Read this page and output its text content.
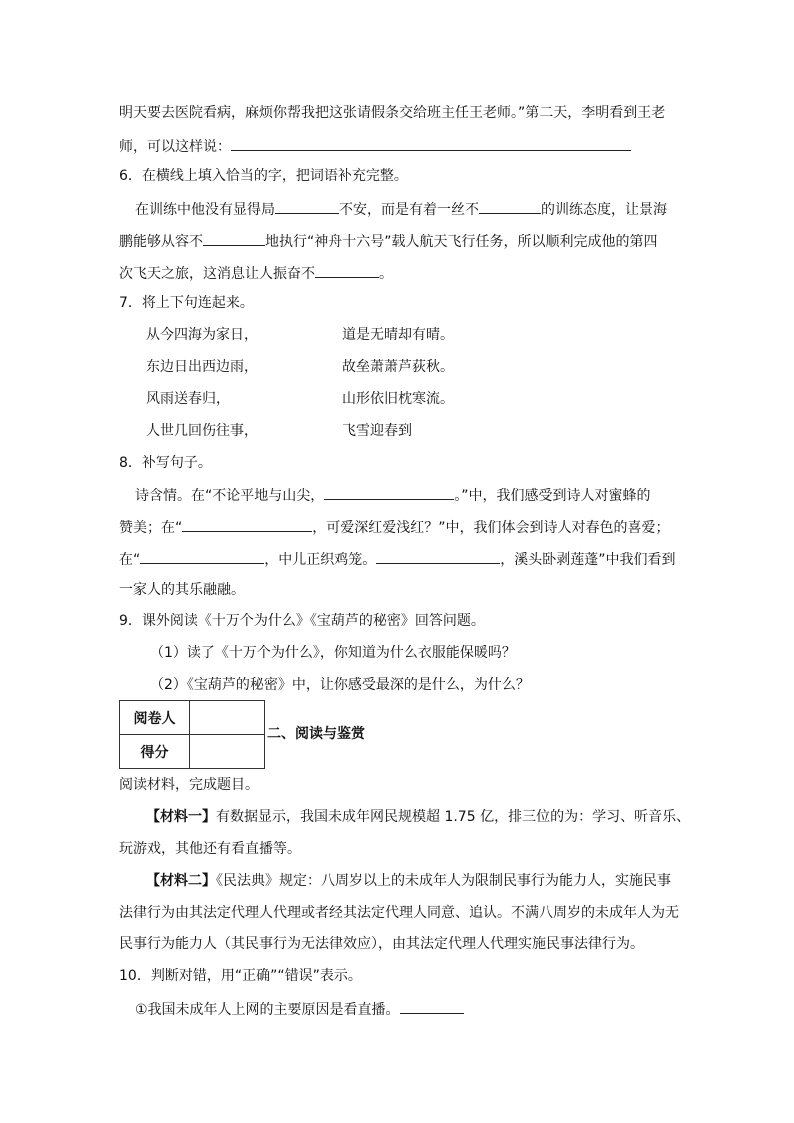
明天要去医院看病，麻烦你帮我把这张请假条交给班主任王老师。”第二天，李明看到王老
师，可以这样说：
6．在横线上填入恰当的字，把词语补充完整。
在训练中他没有显得局	不安，而是有着一丝不	的训练态度，让景海
鹏能够从容不	地执行“神舟十六号”载人航天飞行任务，所以顺利完成他的第四
次飞天之旅，这消息让人振奋不	。
7．将上下句连起来。
从今四海为家日，	道是无晴却有晴。
东边日出西边雨，	故垒萧萧芦荻秋。
风雨送春归，	山形依旧枕寒流。
人世几回伤往事，	飞雪迎春到
8．补写句子。
诗含情。在“不论平地与山尖，	。”中，我们感受到诗人对蜜蜂的
赞美；在“	，可爱深红爱浅红？”中，我们体会到诗人对春色的喜爱；
在“	，中儿正织鸡笼。	，溪头卧剥莲蓬”中我们看到
一家人的其乐融融。
9．课外阅读《十万个为什么》《宝葫芦的秘密》回答问题。
（1）读了《十万个为什么》，你知道为什么衣服能保暖吗？
（2）《宝葫芦的秘密》中，让你感受最深的是什么，为什么？
阅卷人	
得分	
二、阅读与鉴赏
阅读材料，完成题目。
【材料一】有数据显示，我国未成年网民规模超 1.75 亿，排三位的为：学习、听音乐、
玩游戏，其他还有看直播等。
【材料二】《民法典》规定：八周岁以上的未成年人为限制民事行为能力人，实施民事
法律行为由其法定代理人代理或者经其法定代理人同意、追认。不满八周岁的未成年人为无
民事行为能力人（其民事行为无法律效应），由其法定代理人代理实施民事法律行为。
10．判断对错，用“正确”“错误”表示。
①我国未成年人上网的主要原因是看直播。
